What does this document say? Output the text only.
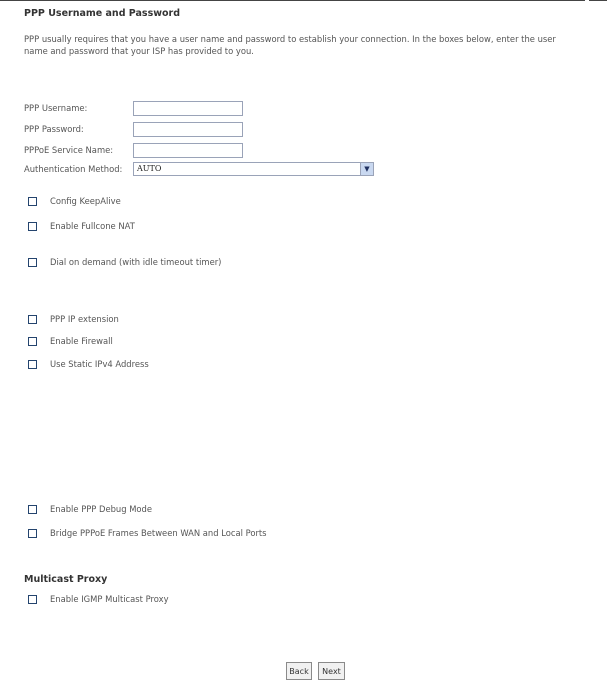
PPP Username and Password
PPP usually requires that you have a user name and password to establish your connection. In the boxes below, enter the user name and password that your ISP has provided to you.
PPP Username:
PPP Password:
PPPoE Service Name:
Authentication Method: AUTO	▼
Config KeepAlive
Enable Fullcone NAT
Dial on demand (with idle timeout timer)
PPP IP extension
Enable Firewall
Use Static IPv4 Address
Enable PPP Debug Mode
Bridge PPPoE Frames Between WAN and Local Ports
Multicast Proxy
Enable IGMP Multicast Proxy
Back	Next
